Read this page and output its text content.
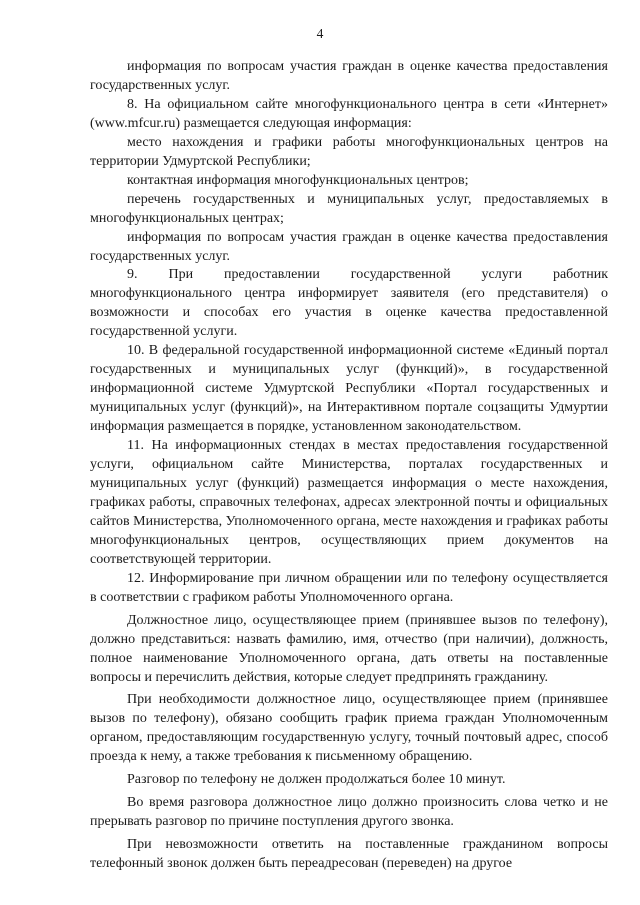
4

информация по вопросам участия граждан в оценке качества предоставления государственных услуг.

8. На официальном сайте многофункционального центра в сети «Интернет» (www.mfcur.ru) размещается следующая информация:

место нахождения и графики работы многофункциональных центров на территории Удмуртской Республики;

контактная информация многофункциональных центров;

перечень государственных и муниципальных услуг, предоставляемых в многофункциональных центрах;

информация по вопросам участия граждан в оценке качества предоставления государственных услуг.

9. При предоставлении государственной услуги работник многофункционального центра информирует заявителя (его представителя) о возможности и способах его участия в оценке качества предоставленной государственной услуги.

10. В федеральной государственной информационной системе «Единый портал государственных и муниципальных услуг (функций)», в государственной информационной системе Удмуртской Республики «Портал государственных и муниципальных услуг (функций)», на Интерактивном портале соцзащиты Удмуртии информация размещается в порядке, установленном законодательством.

11. На информационных стендах в местах предоставления государственной услуги, официальном сайте Министерства, порталах государственных и муниципальных услуг (функций) размещается информация о месте нахождения, графиках работы, справочных телефонах, адресах электронной почты и официальных сайтов Министерства, Уполномоченного органа, месте нахождения и графиках работы многофункциональных центров, осуществляющих прием документов на соответствующей территории.

12. Информирование при личном обращении или по телефону осуществляется в соответствии с графиком работы Уполномоченного органа.

Должностное лицо, осуществляющее прием (принявшее вызов по телефону), должно представиться: назвать фамилию, имя, отчество (при наличии), должность, полное наименование Уполномоченного органа, дать ответы на поставленные вопросы и перечислить действия, которые следует предпринять гражданину.

При необходимости должностное лицо, осуществляющее прием (принявшее вызов по телефону), обязано сообщить график приема граждан Уполномоченным органом, предоставляющим государственную услугу, точный почтовый адрес, способ проезда к нему, а также требования к письменному обращению.

Разговор по телефону не должен продолжаться более 10 минут.

Во время разговора должностное лицо должно произносить слова четко и не прерывать разговор по причине поступления другого звонка.

При невозможности ответить на поставленные гражданином вопросы телефонный звонок должен быть переадресован (переведен) на другое
